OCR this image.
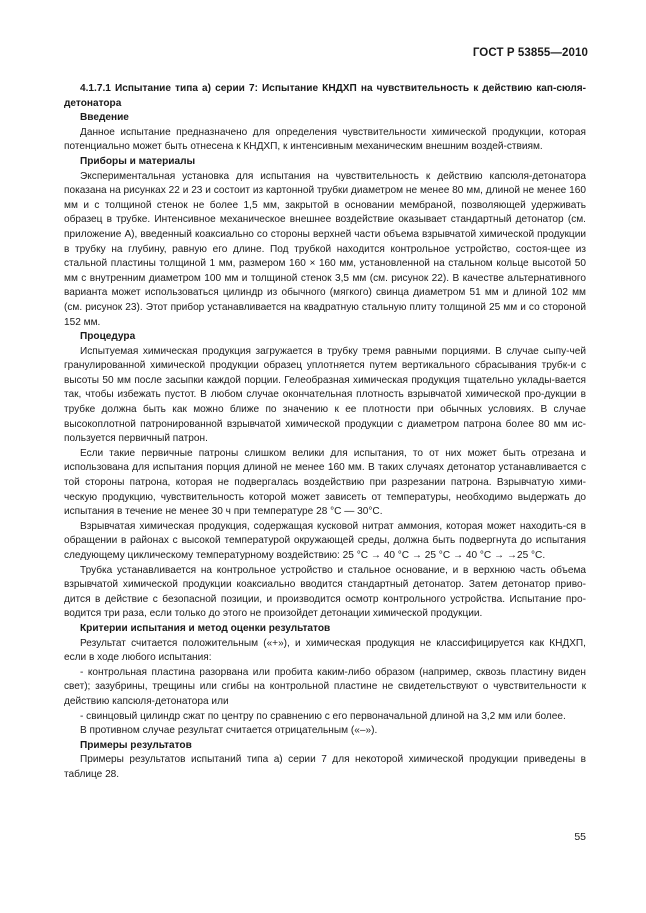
ГОСТ Р 53855—2010

4.1.7.1 Испытание типа а) серии 7: Испытание КНДХП на чувствительность к действию кап-сюля-детонатора

Введение

Данное испытание предназначено для определения чувствительности химической продукции, которая потенциально может быть отнесена к КНДХП, к интенсивным механическим внешним воздей-ствиям.

Приборы и материалы

Экспериментальная установка для испытания на чувствительность к действию капсюля-детонатора показана на рисунках 22 и 23 и состоит из картонной трубки диаметром не менее 80 мм, длиной не менее 160 мм и с толщиной стенок не более 1,5 мм, закрытой в основании мембраной, позволяющей удерживать образец в трубке. Интенсивное механическое внешнее воздействие оказывает стандартный детонатор (см. приложение А), введенный коаксиально со стороны верхней части объема взрывчатой химической продукции в трубку на глубину, равную его длине. Под трубкой находится контрольное устройство, состоя-щее из стальной пластины толщиной 1 мм, размером 160 × 160 мм, установленной на стальном кольце высотой 50 мм с внутренним диаметром 100 мм и толщиной стенок 3,5 мм (см. рисунок 22). В качестве альтернативного варианта может использоваться цилиндр из обычного (мягкого) свинца диаметром 51 мм и длиной 102 мм (см. рисунок 23). Этот прибор устанавливается на квадратную стальную плиту толщиной 25 мм и со стороной 152 мм.

Процедура

Испытуемая химическая продукция загружается в трубку тремя равными порциями. В случае сыпу-чей гранулированной химической продукции образец уплотняется путем вертикального сбрасывания трубк-и с высоты 50 мм после засыпки каждой порции. Гелеобразная химическая продукция тщательно уклады-вается так, чтобы избежать пустот. В любом случае окончательная плотность взрывчатой химической про-дукции в трубке должна быть как можно ближе по значению к ее плотности при обычных условиях. В случае высокоплотной патронированной взрывчатой химической продукции с диаметром патрона более 80 мм ис-пользуется первичный патрон.

Если такие первичные патроны слишком велики для испытания, то от них может быть отрезана и использована для испытания порция длиной не менее 160 мм. В таких случаях детонатор устанавливается с той стороны патрона, которая не подвергалась воздействию при разрезании патрона. Взрывчатую хими-ческую продукцию, чувствительность которой может зависеть от температуры, необходимо выдержать до испытания в течение не менее 30 ч при температуре 28 °С — 30°С.

Взрывчатая химическая продукция, содержащая кусковой нитрат аммония, которая может находить-ся в обращении в районах с высокой температурой окружающей среды, должна быть подвергнута до испытания следующему циклическому температурному воздействию: 25 °С → 40 °С → 25 °С → 40 °С → →25 °С.

Трубка устанавливается на контрольное устройство и стальное основание, и в верхнюю часть объема взрывчатой химической продукции коаксиально вводится стандартный детонатор. Затем детонатор приво-дится в действие с безопасной позиции, и производится осмотр контрольного устройства. Испытание про-водится три раза, если только до этого не произойдет детонации химической продукции.

Критерии испытания и метод оценки результатов

Результат считается положительным («+»), и химическая продукция не классифицируется как КНДХП, если в ходе любого испытания:

- контрольная пластина разорвана или пробита каким-либо образом (например, сквозь пластину виден свет); зазубрины, трещины или сгибы на контрольной пластине не свидетельствуют о чувствительности к действию капсюля-детонатора или

- свинцовый цилиндр сжат по центру по сравнению с его первоначальной длиной на 3,2 мм или более.

В противном случае результат считается отрицательным («–»).

Примеры результатов

Примеры результатов испытаний типа а) серии 7 для некоторой химической продукции приведены в таблице 28.

55
